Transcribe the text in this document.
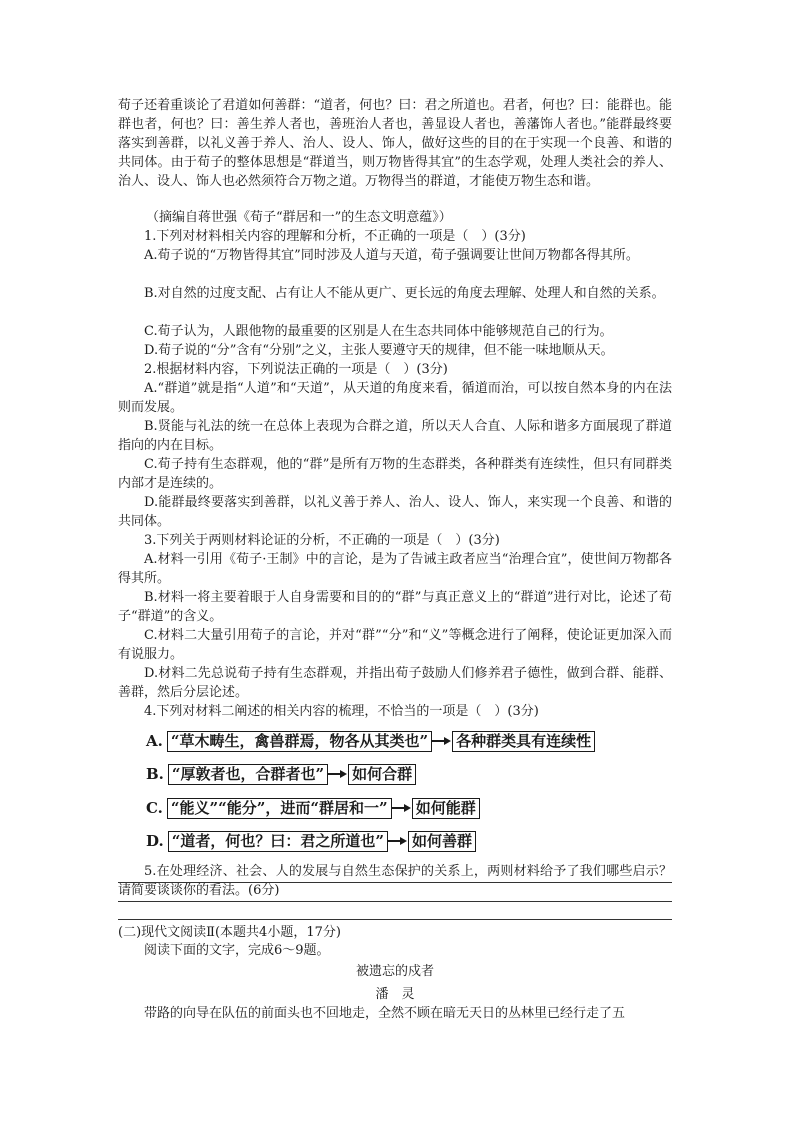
荀子还着重谈论了君道如何善群：“道者，何也？曰：君之所道也。君者，何也？曰：能群也。能群也者，何也？曰：善生养人者也，善班治人者也，善显设人者也，善藩饰人者也。”能群最终要落实到善群，以礼义善于养人、治人、设人、饰人，做好这些的目的在于实现一个良善、和谐的共同体。由于荀子的整体思想是“群道当，则万物皆得其宜”的生态学观，处理人类社会的养人、治人、设人、饰人也必然须符合万物之道。万物得当的群道，才能使万物生态和谐。

（摘编自蒋世强《荀子“群居和一”的生态文明意蕴》）

1.下列对材料相关内容的理解和分析，不正确的一项是（　）(3分)

A.荀子说的“万物皆得其宜”同时涉及人道与天道，荀子强调要让世间万物都各得其所。

B.对自然的过度支配、占有让人不能从更广、更长远的角度去理解、处理人和自然的关系。

C.荀子认为，人跟他物的最重要的区别是人在生态共同体中能够规范自己的行为。

D.荀子说的“分”含有“分别”之义，主张人要遵守天的规律，但不能一味地顺从天。

2.根据材料内容，下列说法正确的一项是（　）(3分)

A.“群道”就是指“人道”和“天道”，从天道的角度来看，循道而治，可以按自然本身的内在法则而发展。

B.贤能与礼法的统一在总体上表现为合群之道，所以天人合直、人际和谐多方面展现了群道指向的内在目标。

C.荀子持有生态群观，他的“群”是所有万物的生态群类，各种群类有连续性，但只有同群类内部才是连续的。

D.能群最终要落实到善群，以礼义善于养人、治人、设人、饰人，来实现一个良善、和谐的共同体。

3.下列关于两则材料论证的分析，不正确的一项是（　）(3分)

A.材料一引用《荀子·王制》中的言论，是为了告诫主政者应当“治理合宜”，使世间万物都各得其所。

B.材料一将主要着眼于人自身需要和目的的“群”与真正意义上的“群道”进行对比，论述了荀子“群道”的含义。

C.材料二大量引用荀子的言论，并对“群”“分”和“义”等概念进行了阐释，使论证更加深入而有说服力。

D.材料二先总说荀子持有生态群观，并指出荀子鼓励人们修养君子德性，做到合群、能群、善群，然后分层论述。

4.下列对材料二阐述的相关内容的梳理，不恰当的一项是（　）(3分)

A. “草木畴生，禽兽群焉，物各从其类也” 各种群类具有连续性
B. “厚敦者也，合群者也” 如何合群
C. “能义”“能分”，进而“群居和一” 如何能群
D. “道者，何也？曰：君之所道也” 如何善群

5.在处理经济、社会、人的发展与自然生态保护的关系上，两则材料给予了我们哪些启示？请简要谈谈你的看法。(6分)

(二)现代文阅读Ⅱ(本题共4小题，17分)

阅读下面的文字，完成6～9题。

被遗忘的戍者
潘　灵

带路的向导在队伍的前面头也不回地走，全然不顾在暗无天日的丛林里已经行走了五
